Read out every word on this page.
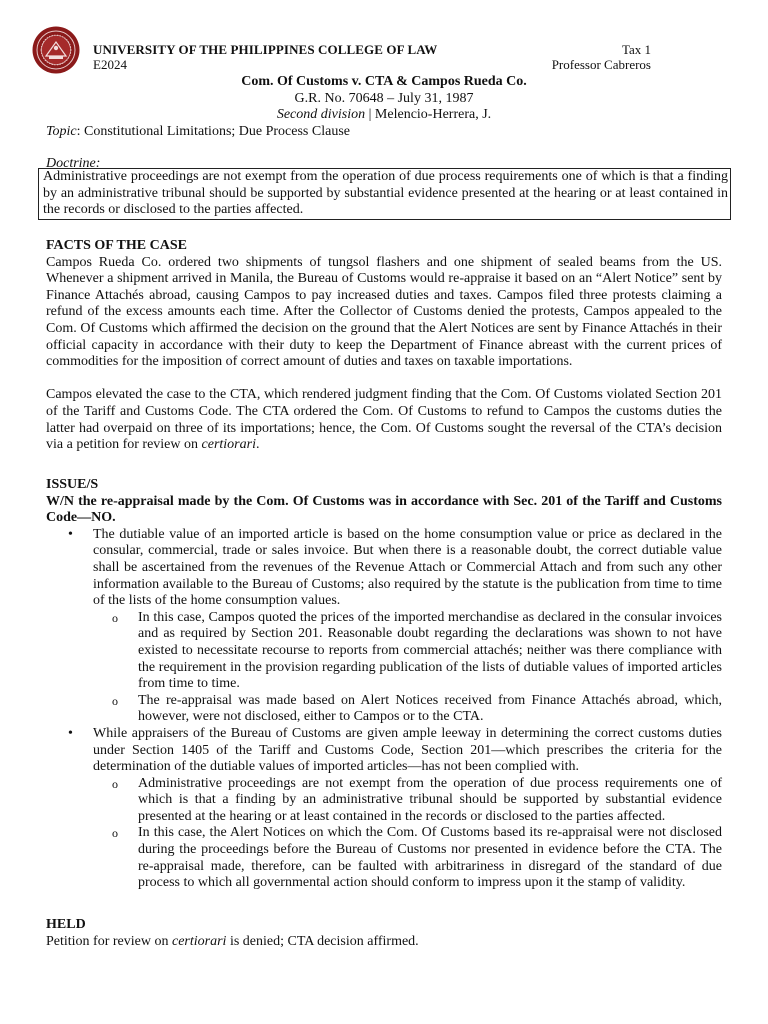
UNIVERSITY OF THE PHILIPPINES COLLEGE OF LAW
E2024
Tax 1
Professor Cabreros
Com. Of Customs v. CTA & Campos Rueda Co.
G.R. No. 70648 – July 31, 1987
Second division | Melencio-Herrera, J.
Topic: Constitutional Limitations; Due Process Clause
Doctrine:

Administrative proceedings are not exempt from the operation of due process requirements one of which is that a finding by an administrative tribunal should be supported by substantial evidence presented at the hearing or at least contained in the records or disclosed to the parties affected.

FACTS OF THE CASE

Campos Rueda Co. ordered two shipments of tungsol flashers and one shipment of sealed beams from the US. Whenever a shipment arrived in Manila, the Bureau of Customs would re-appraise it based on an “Alert Notice” sent by Finance Attachés abroad, causing Campos to pay increased duties and taxes. Campos filed three protests claiming a refund of the excess amounts each time. After the Collector of Customs denied the protests, Campos appealed to the Com. Of Customs which affirmed the decision on the ground that the Alert Notices are sent by Finance Attachés in their official capacity in accordance with their duty to keep the Department of Finance abreast with the current prices of commodities for the imposition of correct amount of duties and taxes on taxable importations.

Campos elevated the case to the CTA, which rendered judgment finding that the Com. Of Customs violated Section 201 of the Tariff and Customs Code. The CTA ordered the Com. Of Customs to refund to Campos the customs duties the latter had overpaid on three of its importations; hence, the Com. Of Customs sought the reversal of the CTA’s decision via a petition for review on certiorari.

ISSUE/S

W/N the re-appraisal made by the Com. Of Customs was in accordance with Sec. 201 of the Tariff and Customs Code—NO.

• The dutiable value of an imported article is based on the home consumption value or price as declared in the consular, commercial, trade or sales invoice. But when there is a reasonable doubt, the correct dutiable value shall be ascertained from the revenues of the Revenue Attach or Commercial Attach and from such any other information available to the Bureau of Customs; also required by the statute is the publication from time to time of the lists of the home consumption values.
o In this case, Campos quoted the prices of the imported merchandise as declared in the consular invoices and as required by Section 201. Reasonable doubt regarding the declarations was shown to not have existed to necessitate recourse to reports from commercial attachés; neither was there compliance with the requirement in the provision regarding publication of the lists of dutiable values of imported articles from time to time.
o The re-appraisal was made based on Alert Notices received from Finance Attachés abroad, which, however, were not disclosed, either to Campos or to the CTA.
• While appraisers of the Bureau of Customs are given ample leeway in determining the correct customs duties under Section 1405 of the Tariff and Customs Code, Section 201—which prescribes the criteria for the determination of the dutiable values of imported articles—has not been complied with.
o Administrative proceedings are not exempt from the operation of due process requirements one of which is that a finding by an administrative tribunal should be supported by substantial evidence presented at the hearing or at least contained in the records or disclosed to the parties affected.
o In this case, the Alert Notices on which the Com. Of Customs based its re-appraisal were not disclosed during the proceedings before the Bureau of Customs nor presented in evidence before the CTA. The re-appraisal made, therefore, can be faulted with arbitrariness in disregard of the standard of due process to which all governmental action should conform to impress upon it the stamp of validity.
HELD

Petition for review on certiorari is denied; CTA decision affirmed.
